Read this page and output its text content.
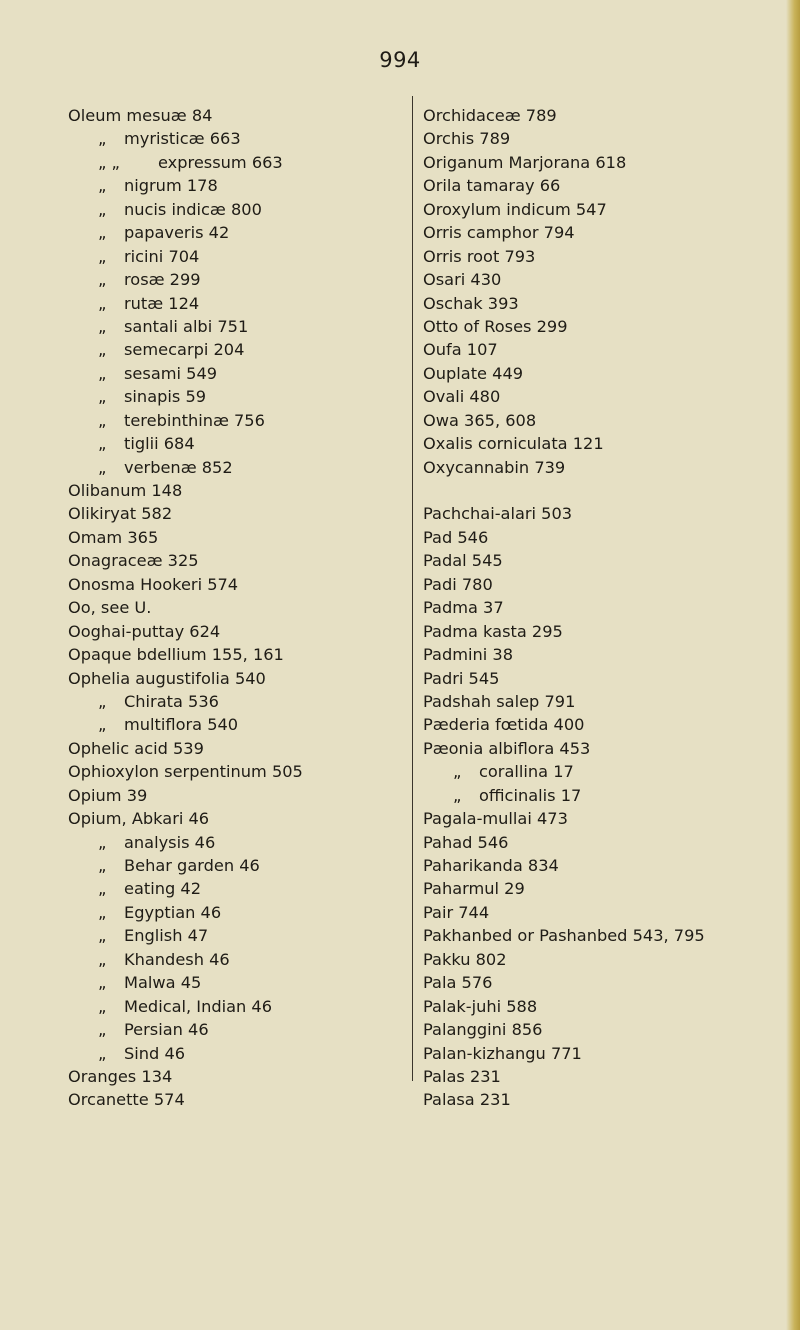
994
Oleum mesuæ 84
„ myristicæ 663
„ „ expressum 663
„ nigrum 178
„ nucis indicæ 800
„ papaveris 42
„ ricini 704
„ rosæ 299
„ rutæ 124
„ santali albi 751
„ semecarpi 204
„ sesami 549
„ sinapis 59
„ terebinthinæ 756
„ tiglii 684
„ verbenæ 852
Olibanum 148
Olikiryat 582
Omam 365
Onagraceæ 325
Onosma Hookeri 574
Oo, see U.
Ooghai-puttay 624
Opaque bdellium 155, 161
Ophelia augustifolia 540
„ Chirata 536
„ multiflora 540
Ophelic acid 539
Ophioxylon serpentinum 505
Opium 39
Opium, Abkari 46
„ analysis 46
„ Behar garden 46
„ eating 42
„ Egyptian 46
„ English 47
„ Khandesh 46
„ Malwa 45
„ Medical, Indian 46
„ Persian 46
„ Sind 46
Oranges 134
Orcanette 574
Orchidaceæ 789
Orchis 789
Origanum Marjorana 618
Orila tamaray 66
Oroxylum indicum 547
Orris camphor 794
Orris root 793
Osari 430
Oschak 393
Otto of Roses 299
Oufa 107
Ouplate 449
Ovali 480
Owa 365, 608
Oxalis corniculata 121
Oxycannabin 739
Pachchai-alari 503
Pad 546
Padal 545
Padi 780
Padma 37
Padma kasta 295
Padmini 38
Padri 545
Padshah salep 791
Pæderia fœtida 400
Pæonia albiflora 453
„ corallina 17
„ officinalis 17
Pagala-mullai 473
Pahad 546
Paharikanda 834
Paharmul 29
Pair 744
Pakhanbed or Pashanbed 543, 795
Pakku 802
Pala 576
Palak-juhi 588
Palanggini 856
Palan-kizhangu 771
Palas 231
Palasa 231
